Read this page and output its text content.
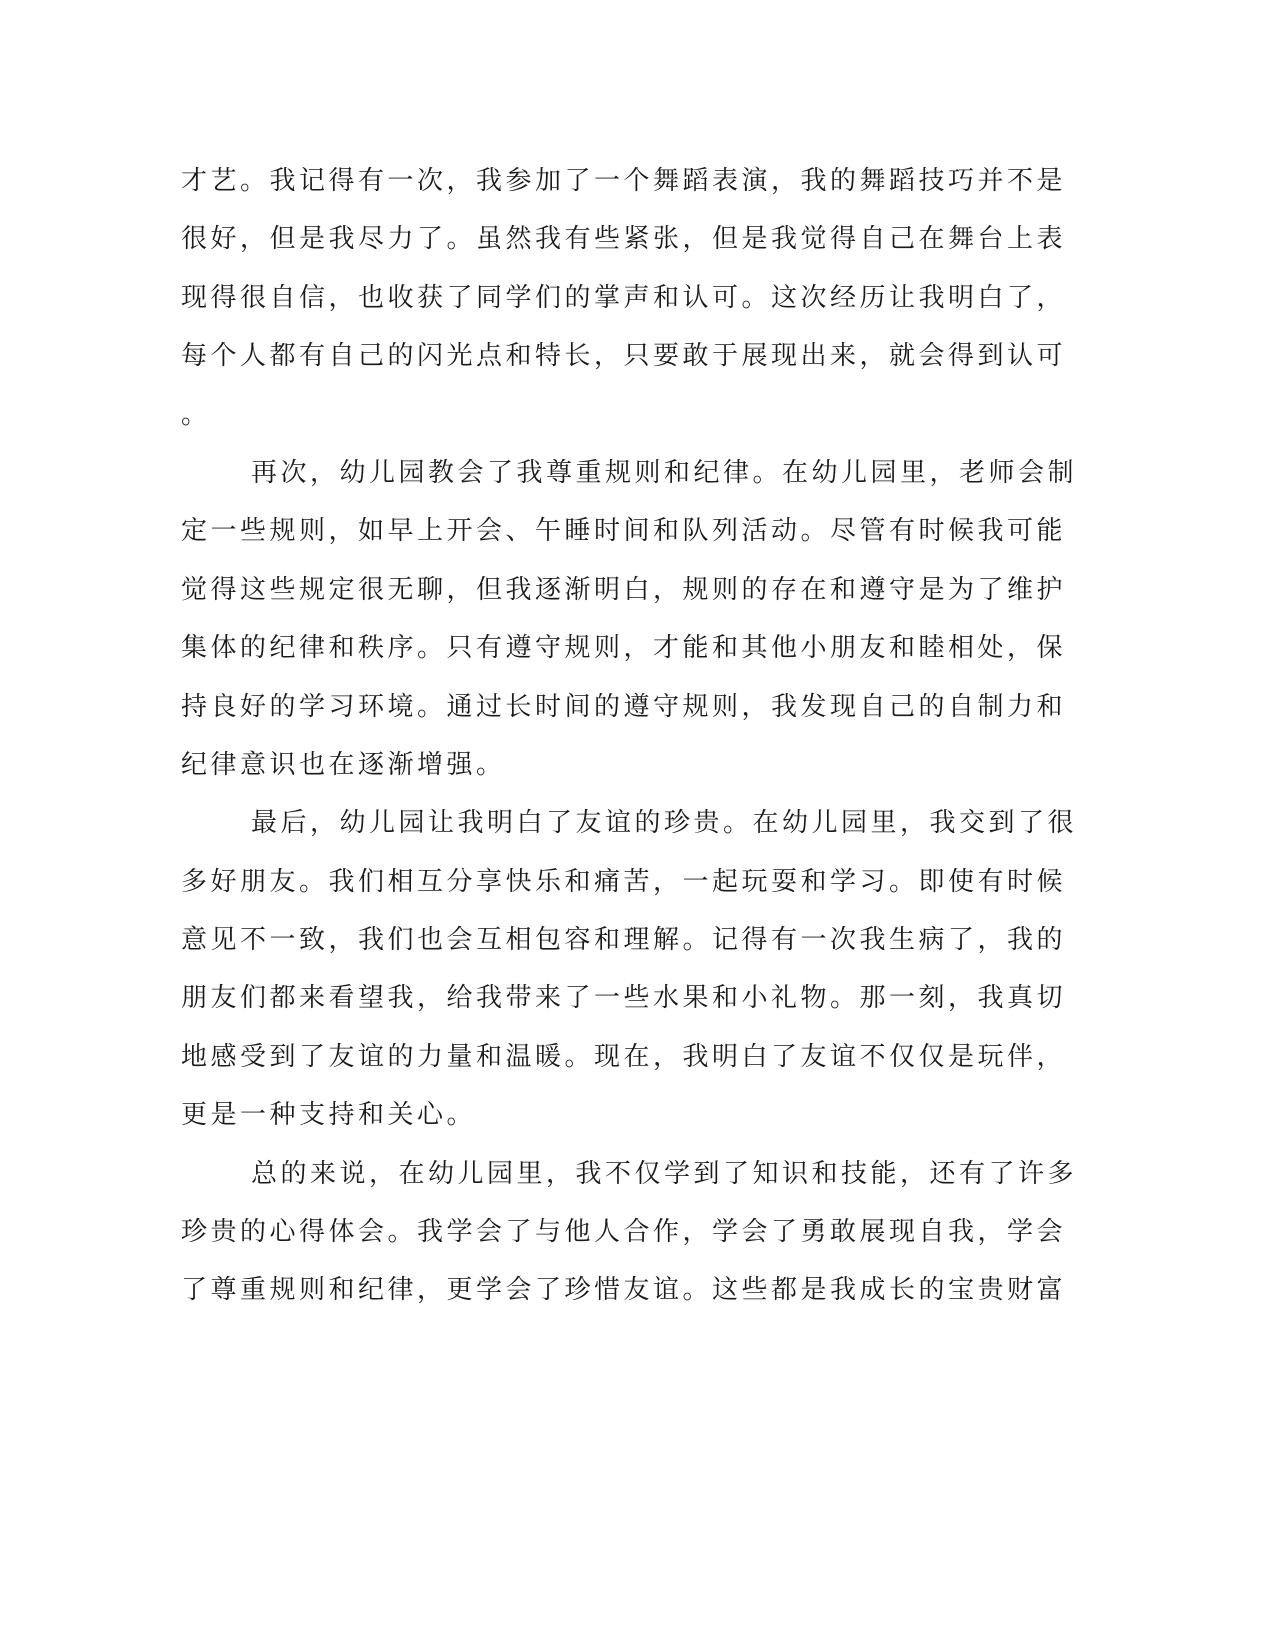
才艺。我记得有一次，我参加了一个舞蹈表演，我的舞蹈技巧并不是
很好，但是我尽力了。虽然我有些紧张，但是我觉得自己在舞台上表
现得很自信，也收获了同学们的掌声和认可。这次经历让我明白了，
每个人都有自己的闪光点和特长，只要敢于展现出来，就会得到认可
。
再次，幼儿园教会了我尊重规则和纪律。在幼儿园里，老师会制
定一些规则，如早上开会、午睡时间和队列活动。尽管有时候我可能
觉得这些规定很无聊，但我逐渐明白，规则的存在和遵守是为了维护
集体的纪律和秩序。只有遵守规则，才能和其他小朋友和睦相处，保
持良好的学习环境。通过长时间的遵守规则，我发现自己的自制力和
纪律意识也在逐渐增强。
最后，幼儿园让我明白了友谊的珍贵。在幼儿园里，我交到了很
多好朋友。我们相互分享快乐和痛苦，一起玩耍和学习。即使有时候
意见不一致，我们也会互相包容和理解。记得有一次我生病了，我的
朋友们都来看望我，给我带来了一些水果和小礼物。那一刻，我真切
地感受到了友谊的力量和温暖。现在，我明白了友谊不仅仅是玩伴，
更是一种支持和关心。
总的来说，在幼儿园里，我不仅学到了知识和技能，还有了许多
珍贵的心得体会。我学会了与他人合作，学会了勇敢展现自我，学会
了尊重规则和纪律，更学会了珍惜友谊。这些都是我成长的宝贵财富
